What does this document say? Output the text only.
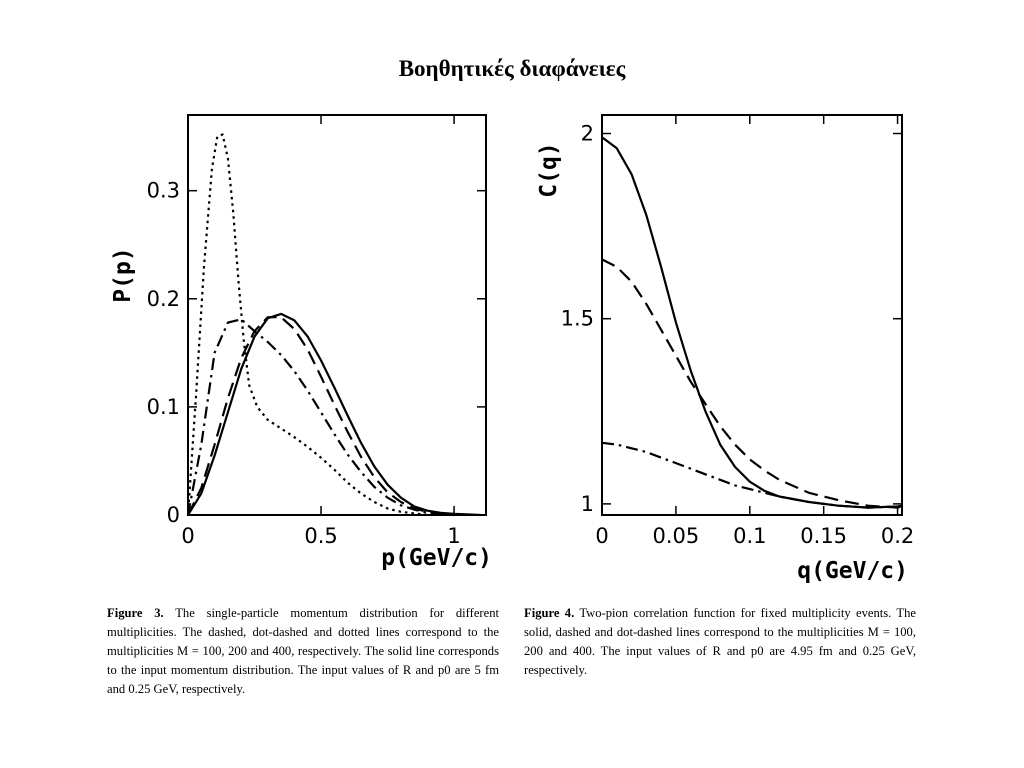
Βοηθητικές διαφάνειες
0	0.5	1
0
0.1
0.2
0.3
p(GeV/c)
P(p)
0 0.05 0.1 0.15 0.2
1
1.5
2
q(GeV/c)
C(q)
Figure 3. The single-particle momentum distribution for different multiplicities. The dashed, dot-dashed and dotted lines correspond to the multiplicities M = 100, 200 and 400, respectively. The solid line corresponds to the input momentum distribution. The input values of R and p0 are 5 fm and 0.25 GeV, respectively.
Figure 4. Two-pion correlation function for fixed multiplicity events. The solid, dashed and dot-dashed lines correspond to the multiplicities M = 100, 200 and 400. The input values of R and p0 are 4.95 fm and 0.25 GeV, respectively.
